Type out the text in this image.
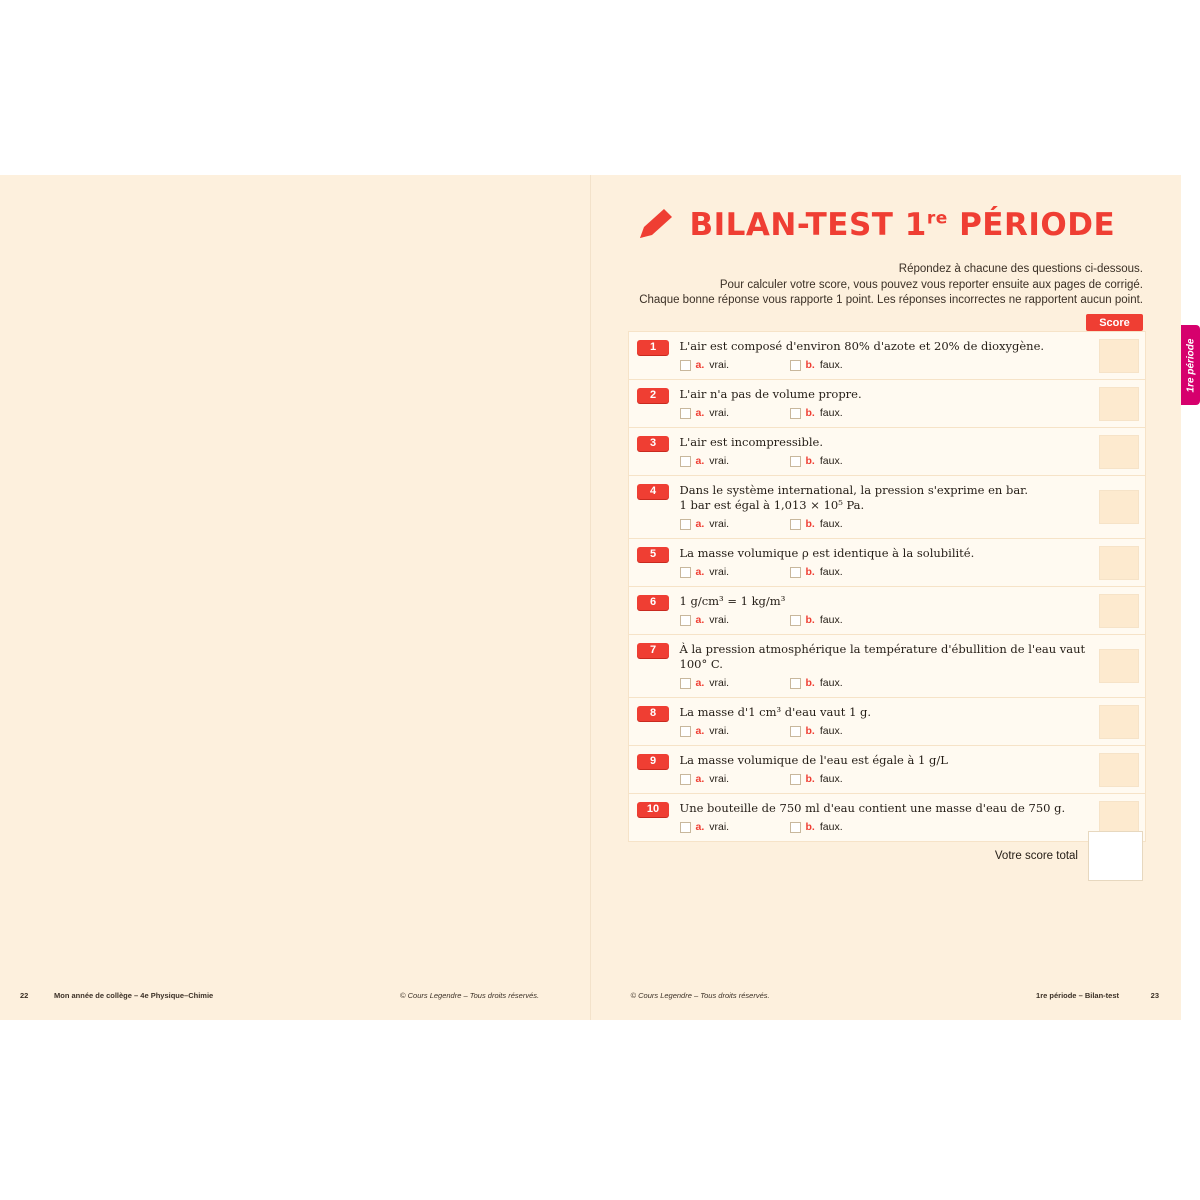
22	Mon année de collège – 4e Physique–Chimie	© Cours Legendre – Tous droits réservés.
BILAN-TEST 1re PÉRIODE
Répondez à chacune des questions ci-dessous.
Pour calculer votre score, vous pouvez vous reporter ensuite aux pages de corrigé.
Chaque bonne réponse vous rapporte 1 point. Les réponses incorrectes ne rapportent aucun point.
Score
1	L'air est composé d'environ 80% d'azote et 20% de dioxygène.
a. vrai.	b. faux.
2	L'air n'a pas de volume propre.
a. vrai.	b. faux.
3	L'air est incompressible.
a. vrai.	b. faux.
4	Dans le système international, la pression s'exprime en bar.
1 bar est égal à 1,013 × 10⁵ Pa.
a. vrai.	b. faux.
5	La masse volumique ρ est identique à la solubilité.
a. vrai.	b. faux.
6	1 g/cm³ = 1 kg/m³
a. vrai.	b. faux.
7	À la pression atmosphérique la température d'ébullition de l'eau vaut 100° C.
a. vrai.	b. faux.
8	La masse d'1 cm³ d'eau vaut 1 g.
a. vrai.	b. faux.
9	La masse volumique de l'eau est égale à 1 g/L
a. vrai.	b. faux.
10	Une bouteille de 750 ml d'eau contient une masse d'eau de 750 g.
a. vrai.	b. faux.
Votre score total
© Cours Legendre – Tous droits réservés.	1re période – Bilan-test	23
1re période
